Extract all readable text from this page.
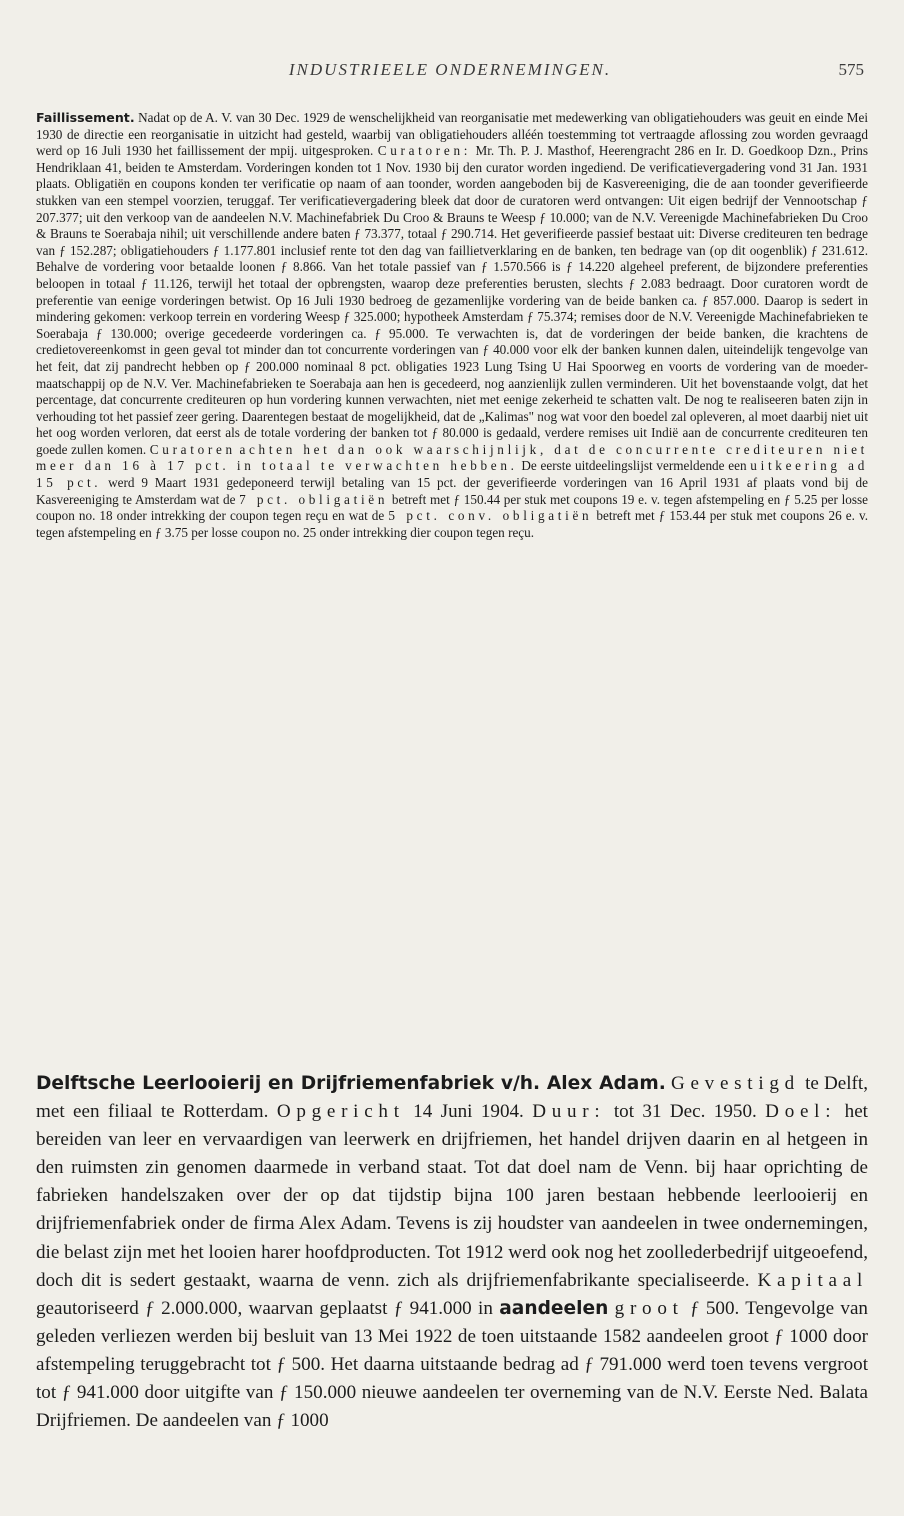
INDUSTRIEELE ONDERNEMINGEN.	575
Faillissement. Nadat op de A. V. van 30 Dec. 1929 de wenschelijkheid van reorganisatie met medewerking van obligatiehouders was geuit en einde Mei 1930 de directie een reorganisatie in uitzicht had gesteld, waarbij van obligatiehouders alléén toestemming tot vertraagde aflossing zou worden gevraagd werd op 16 Juli 1930 het faillissement der mpij. uitgesproken. Curatoren: Mr. Th. P. J. Masthof, Heerengracht 286 en Ir. D. Goedkoop Dzn., Prins Hendriklaan 41, beiden te Amsterdam. Vorderingen konden tot 1 Nov. 1930 bij den curator worden ingediend. De verificatievergadering vond 31 Jan. 1931 plaats. Obligatiën en coupons konden ter verificatie op naam of aan toonder, worden aangeboden bij de Kasvereeniging, die de aan toonder geverifieerde stukken van een stempel voorzien, teruggaf. Ter verificatievergadering bleek dat door de curatoren werd ontvangen: Uit eigen bedrijf der Vennootschap ƒ 207.377; uit den verkoop van de aandeelen N.V. Machinefabriek Du Croo & Brauns te Weesp ƒ 10.000; van de N.V. Vereenigde Machinefabrieken Du Croo & Brauns te Soerabaja nihil; uit verschillende andere baten ƒ 73.377, totaal ƒ 290.714. Het geverifieerde passief bestaat uit: Diverse crediteuren ten bedrage van ƒ 152.287; obligatiehouders ƒ 1.177.801 inclusief rente tot den dag van faillietverklaring en de banken, ten bedrage van (op dit oogenblik) ƒ 231.612. Behalve de vordering voor betaalde loonen ƒ 8.866. Van het totale passief van ƒ 1.570.566 is ƒ 14.220 algeheel preferent, de bijzondere preferenties beloopen in totaal ƒ 11.126, terwijl het totaal der opbrengsten, waarop deze preferenties berusten, slechts ƒ 2.083 bedraagt. Door curatoren wordt de preferentie van eenige vorderingen betwist. Op 16 Juli 1930 bedroeg de gezamenlijke vordering van de beide banken ca. ƒ 857.000. Daarop is sedert in mindering gekomen: verkoop terrein en vordering Weesp ƒ 325.000; hypotheek Amsterdam ƒ 75.374; remises door de N.V. Vereenigde Machinefabrieken te Soerabaja ƒ 130.000; overige gecedeerde vorderingen ca. ƒ 95.000. Te verwachten is, dat de vorderingen der beide banken, die krachtens de credietovereenkomst in geen geval tot minder dan tot concurrente vorderingen van ƒ 40.000 voor elk der banken kunnen dalen, uiteindelijk tengevolge van het feit, dat zij pandrecht hebben op ƒ 200.000 nominaal 8 pct. obligaties 1923 Lung Tsing U Hai Spoorweg en voorts de vordering van de moeder-maatschappij op de N.V. Ver. Machinefabrieken te Soerabaja aan hen is gecedeerd, nog aanzienlijk zullen verminderen. Uit het bovenstaande volgt, dat het percentage, dat concurrente crediteuren op hun vordering kunnen verwachten, niet met eenige zekerheid te schatten valt. De nog te realiseeren baten zijn in verhouding tot het passief zeer gering. Daarentegen bestaat de mogelijkheid, dat de „Kalimas" nog wat voor den boedel zal opleveren, al moet daarbij niet uit het oog worden verloren, dat eerst als de totale vordering der banken tot ƒ 80.000 is gedaald, verdere remises uit Indië aan de concurrente crediteuren ten goede zullen komen. Curatoren achten het dan ook waarschijnlijk, dat de concurrente crediteuren niet meer dan 16 à 17 pct. in totaal te verwachten hebben. De eerste uitdeelingslijst vermeldende een uitkeering ad 15 pct. werd 9 Maart 1931 gedeponeerd terwijl betaling van 15 pct. der geverifieerde vorderingen van 16 April 1931 af plaats vond bij de Kasvereeniging te Amsterdam wat de 7 pct. obligatiën betreft met ƒ 150.44 per stuk met coupons 19 e. v. tegen afstempeling en ƒ 5.25 per losse coupon no. 18 onder intrekking der coupon tegen reçu en wat de 5 pct. conv. obligatiën betreft met ƒ 153.44 per stuk met coupons 26 e. v. tegen afstempeling en ƒ 3.75 per losse coupon no. 25 onder intrekking dier coupon tegen reçu.
Delftsche Leerlooierij en Drijfriemenfabriek v/h. Alex Adam. Gevestigd te Delft, met een filiaal te Rotterdam. Opgericht 14 Juni 1904. Duur: tot 31 Dec. 1950. Doel: het bereiden van leer en vervaardigen van leerwerk en drijfriemen, het handel drijven daarin en al hetgeen in den ruimsten zin genomen daarmede in verband staat. Tot dat doel nam de Venn. bij haar oprichting de fabrieken handelszaken over der op dat tijdstip bijna 100 jaren bestaan hebbende leerlooierij en drijfriemenfabriek onder de firma Alex Adam. Tevens is zij houdster van aandeelen in twee ondernemingen, die belast zijn met het looien harer hoofdproducten. Tot 1912 werd ook nog het zoollederbedrijf uitgeoefend, doch dit is sedert gestaakt, waarna de venn. zich als drijfriemenfabrikante specialiseerde. Kapitaal geautoriseerd ƒ 2.000.000, waarvan geplaatst ƒ 941.000 in aandeelen groot ƒ 500. Tengevolge van geleden verliezen werden bij besluit van 13 Mei 1922 de toen uitstaande 1582 aandeelen groot ƒ 1000 door afstempeling teruggebracht tot ƒ 500. Het daarna uitstaande bedrag ad ƒ 791.000 werd toen tevens vergroot tot ƒ 941.000 door uitgifte van ƒ 150.000 nieuwe aandeelen ter overneming van de N.V. Eerste Ned. Balata Drijfriemen. De aandeelen van ƒ 1000
